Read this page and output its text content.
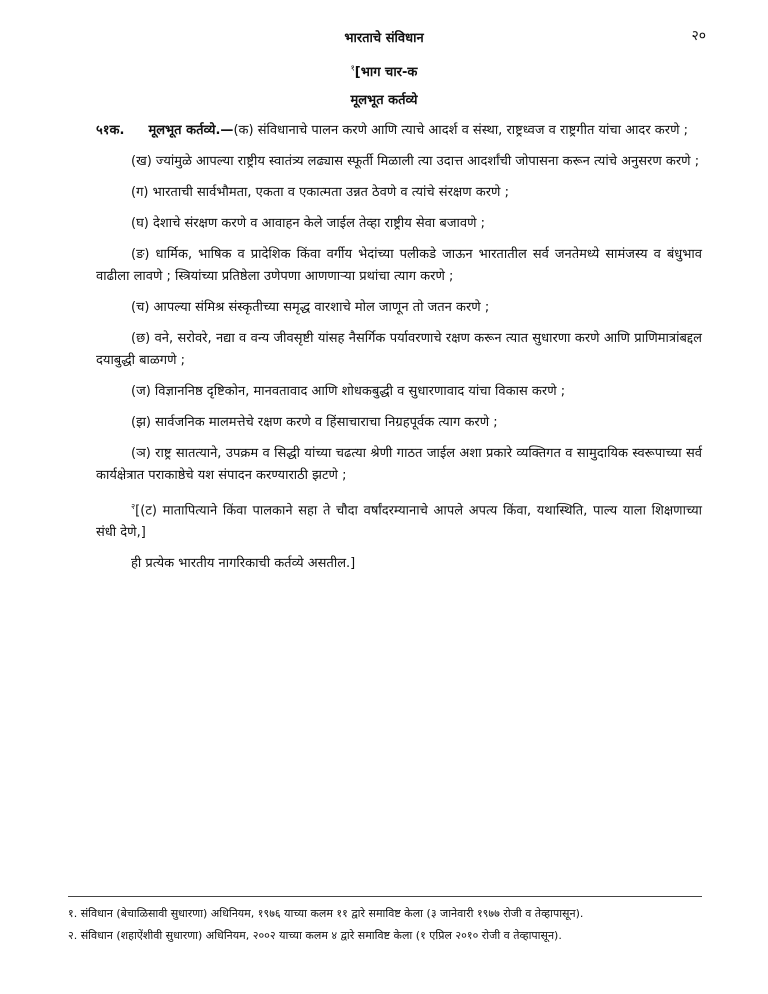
भारताचे संविधान	२०
$^१$[भाग चार-क
मूलभूत कर्तव्ये

५१क. मूलभूत कर्तव्ये.—(क) संविधानाचे पालन करणे आणि त्याचे आदर्श व संस्था, राष्ट्रध्वज व राष्ट्रगीत यांचा आदर करणे ;

(ख) ज्यांमुळे आपल्या राष्ट्रीय स्वातंत्र्य लढ्यास स्फूर्ती मिळाली त्या उदात्त आदर्शांची जोपासना करून त्यांचे अनुसरण करणे ;

(ग) भारताची सार्वभौमता, एकता व एकात्मता उन्नत ठेवणे व त्यांचे संरक्षण करणे ;

(घ) देशाचे संरक्षण करणे व आवाहन केले जाईल तेव्हा राष्ट्रीय सेवा बजावणे ;

(ङ) धार्मिक, भाषिक व प्रादेशिक किंवा वर्गीय भेदांच्या पलीकडे जाऊन भारतातील सर्व जनतेमध्ये सामंजस्य व बंधुभाव वाढीला लावणे ; स्त्रियांच्या प्रतिष्ठेला उणेपणा आणणाऱ्या प्रथांचा त्याग करणे ;

(च) आपल्या संमिश्र संस्कृतीच्या समृद्ध वारशाचे मोल जाणून तो जतन करणे ;

(छ) वने, सरोवरे, नद्या व वन्य जीवसृष्टी यांसह नैसर्गिक पर्यावरणाचे रक्षण करून त्यात सुधारणा करणे आणि प्राणिमात्रांबद्दल दयाबुद्धी बाळगणे ;

(ज) विज्ञाननिष्ठ दृष्टिकोन, मानवतावाद आणि शोधकबुद्धी व सुधारणावाद यांचा विकास करणे ;

(झ) सार्वजनिक मालमत्तेचे रक्षण करणे व हिंसाचाराचा निग्रहपूर्वक त्याग करणे ;

(ञ) राष्ट्र सातत्याने, उपक्रम व सिद्धी यांच्या चढत्या श्रेणी गाठत जाईल अशा प्रकारे व्यक्तिगत व सामुदायिक स्वरूपाच्या सर्व कार्यक्षेत्रात पराकाष्ठेचे यश संपादन करण्याराठी झटणे ;

$^२$[(ट) मातापित्याने किंवा पालकाने सहा ते चौदा वर्षांदरम्यानाचे आपले अपत्य किंवा, यथास्थिति, पाल्य याला शिक्षणाच्या संधी देणे,]

ही प्रत्येक भारतीय नागरिकाची कर्तव्ये असतील.]

१. संविधान (बेचाळिसावी सुधारणा) अधिनियम, १९७६ याच्या कलम ११ द्वारे समाविष्ट केला (३ जानेवारी १९७७ रोजी व तेव्हापासून).
२. संविधान (शहाऐंशीवी सुधारणा) अधिनियम, २००२ याच्या कलम ४ द्वारे समाविष्ट केला (१ एप्रिल २०१० रोजी व तेव्हापासून).
